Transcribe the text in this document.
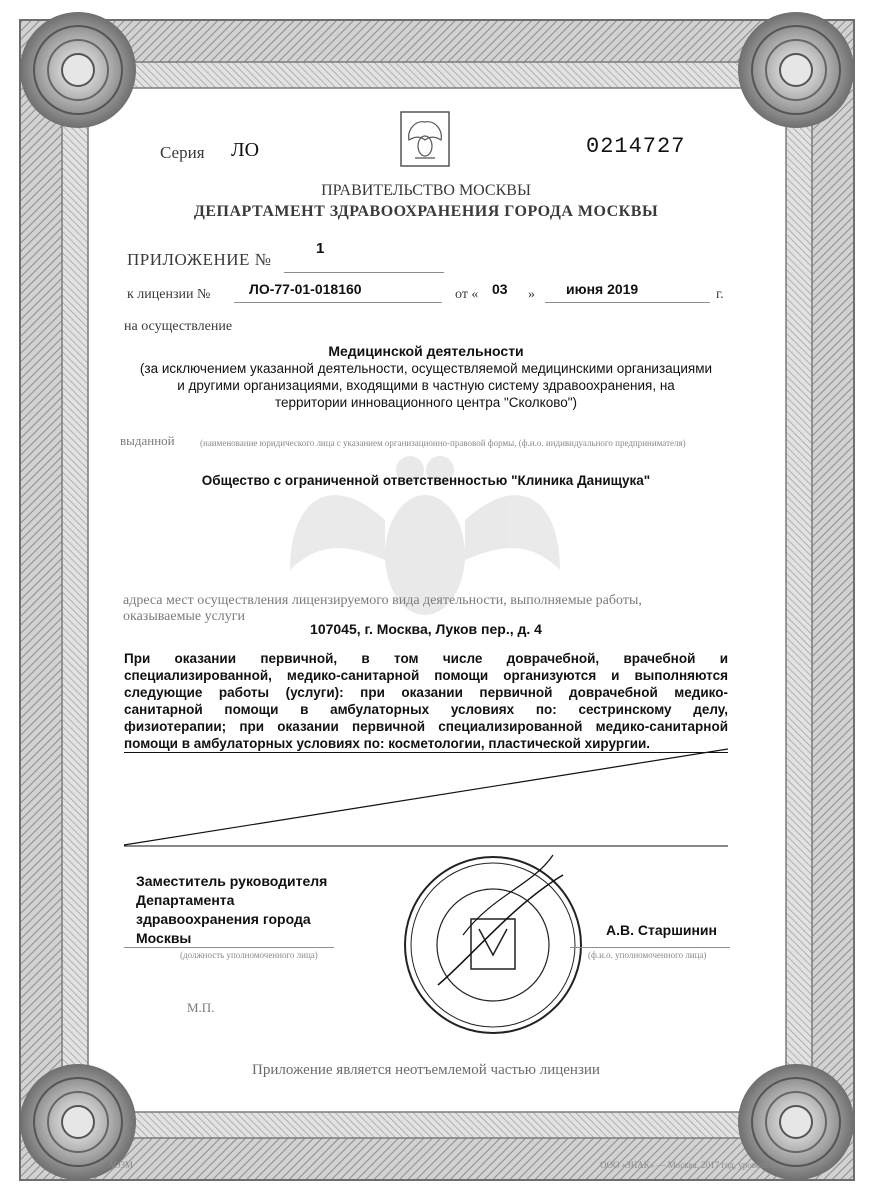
Серия ЛО	0214727
ПРАВИТЕЛЬСТВО МОСКВЫ
ДЕПАРТАМЕНТ ЗДРАВООХРАНЕНИЯ ГОРОДА МОСКВЫ
ПРИЛОЖЕНИЕ №
1
к лицензии №	ЛО-77-01-018160	от « 03 » июня 2019	г.
на осуществление
Медицинской деятельности
(за исключением указанной деятельности, осуществляемой медицинскими организациями
и другими организациями, входящими в частную систему здравоохранения, на
территории инновационного центра "Сколково")
выданной	(наименование юридического лица с указанием организационно-правовой формы, (ф.и.о. индивидуального предпринимателя)
Общество с ограниченной ответственностью "Клиника Данищука"
адреса мест осуществления лицензируемого вида деятельности, выполняемые работы,
оказываемые услуги
107045, г. Москва, Луков пер., д. 4
При оказании первичной, в том числе доврачебной, врачебной и
специализированной, медико-санитарной помощи организуются и выполняются
следующие работы (услуги): при оказании первичной доврачебной медико-
санитарной помощи в амбулаторных условиях по: сестринскому делу,
физиотерапии; при оказании первичной специализированной медико-санитарной
помощи в амбулаторных условиях по: косметологии, пластической хирургии.
Заместитель руководителя
Департамента
здравоохранения города
Москвы
(должность уполномоченного лица)
А.В. Старшинин
(ф.и.о. уполномоченного лица)
М.П.
Приложение является неотъемлемой частью лицензии
АО3М	ООО «ЗНАК» — Москва, 2017 год, уровень Б
